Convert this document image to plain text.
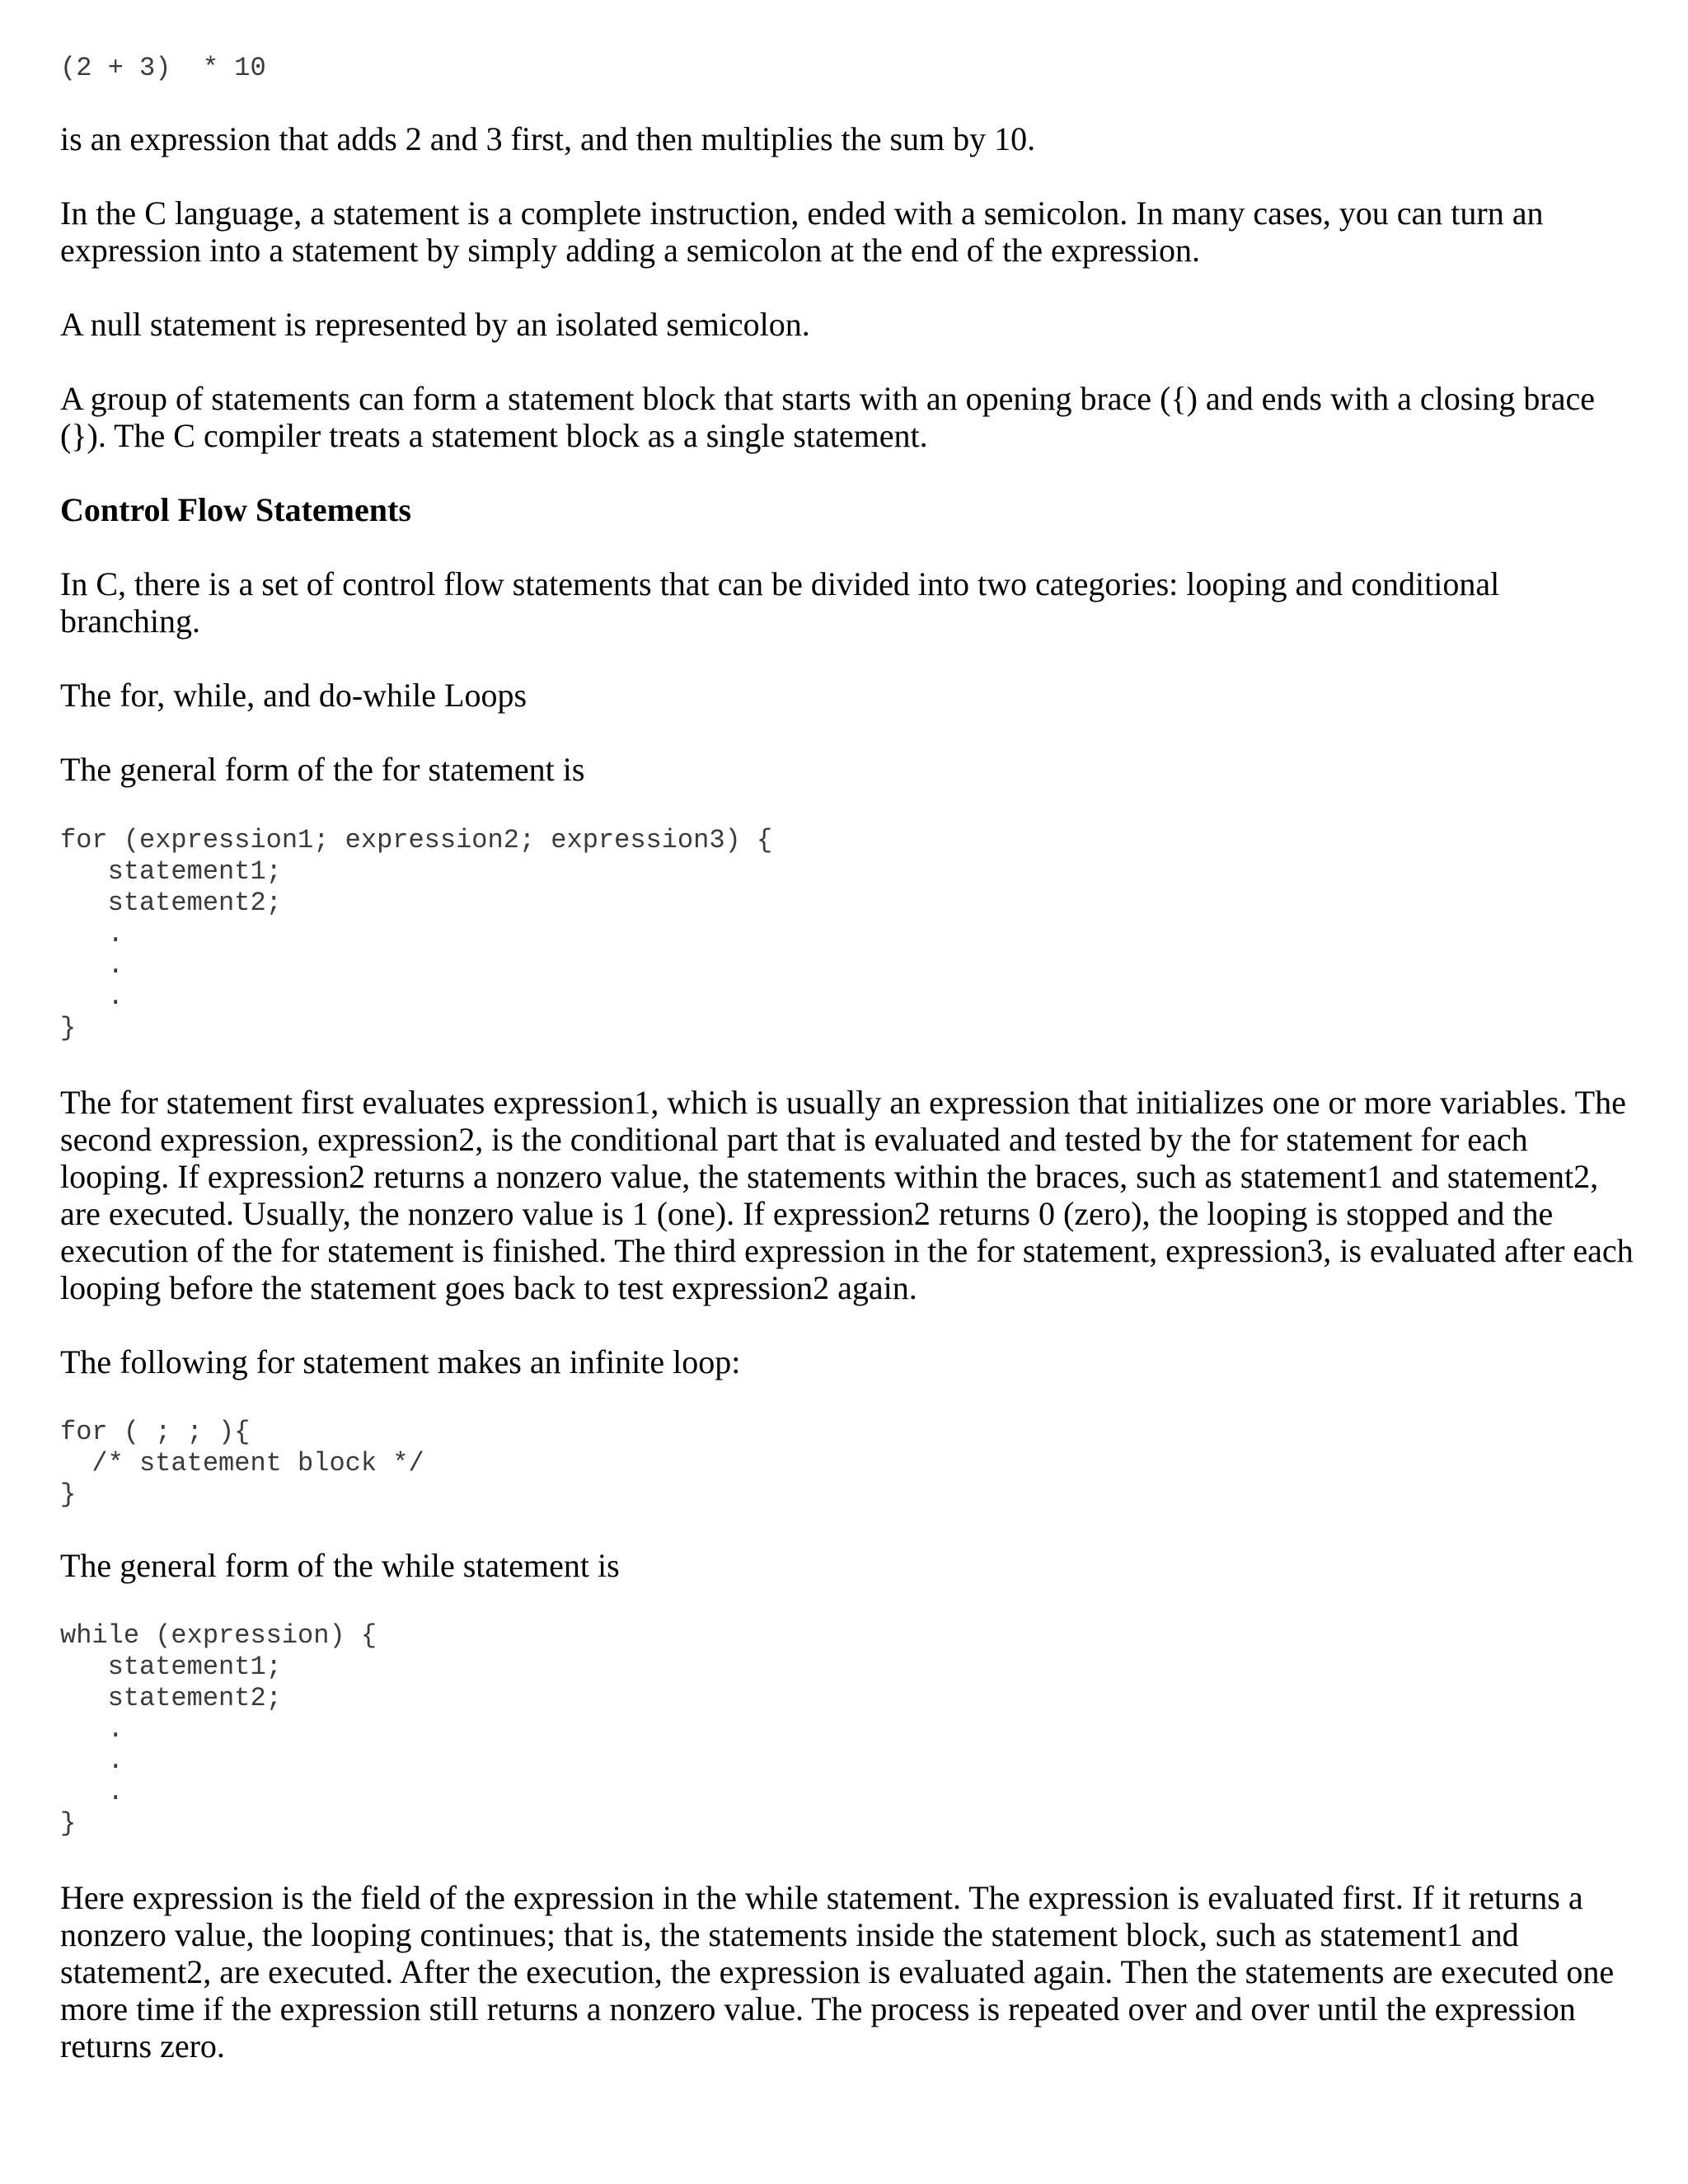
(2 + 3)  * 10

is an expression that adds 2 and 3 first, and then multiplies the sum by 10.

In the C language, a statement is a complete instruction, ended with a semicolon. In many cases, you can turn an expression into a statement by simply adding a semicolon at the end of the expression.

A null statement is represented by an isolated semicolon.

A group of statements can form a statement block that starts with an opening brace ({) and ends with a closing brace (}). The C compiler treats a statement block as a single statement.

Control Flow Statements

In C, there is a set of control flow statements that can be divided into two categories: looping and conditional branching.

The for, while, and do-while Loops

The general form of the for statement is

for (expression1; expression2; expression3) {
statement1;
statement2;
.
.
.
}

The for statement first evaluates expression1, which is usually an expression that initializes one or more variables. The second expression, expression2, is the conditional part that is evaluated and tested by the for statement for each looping. If expression2 returns a nonzero value, the statements within the braces, such as statement1 and statement2, are executed. Usually, the nonzero value is 1 (one). If expression2 returns 0 (zero), the looping is stopped and the execution of the for statement is finished. The third expression in the for statement, expression3, is evaluated after each looping before the statement goes back to test expression2 again.

The following for statement makes an infinite loop:

for ( ; ; ){
/* statement block */
}

The general form of the while statement is

while (expression) {
statement1;
statement2;
.
.
.
}

Here expression is the field of the expression in the while statement. The expression is evaluated first. If it returns a nonzero value, the looping continues; that is, the statements inside the statement block, such as statement1 and statement2, are executed. After the execution, the expression is evaluated again. Then the statements are executed one more time if the expression still returns a nonzero value. The process is repeated over and over until the expression returns zero.
